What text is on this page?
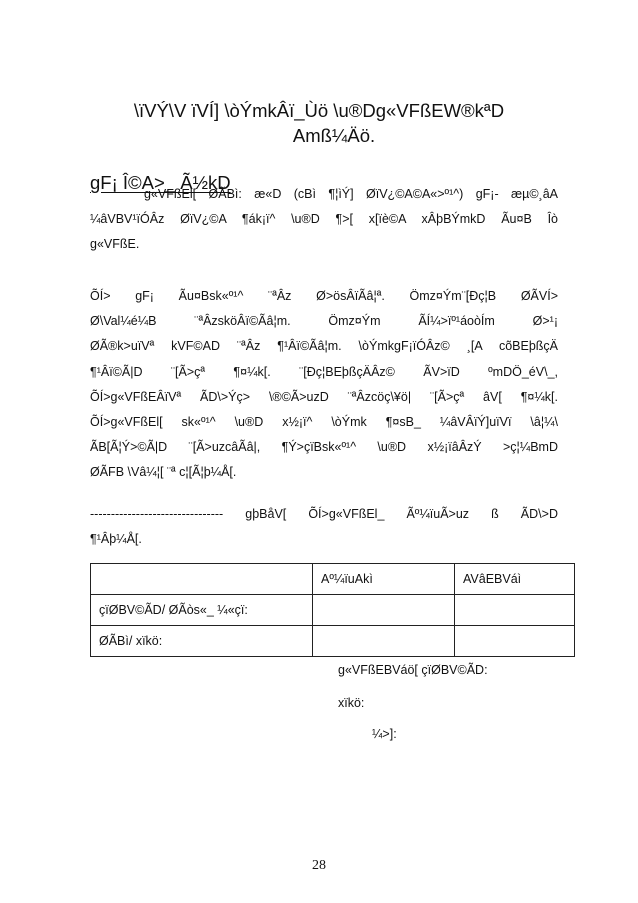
\ïVÝ\V ïVÍ] \òÝmkÂï_Ùö \u®Dg«VFßEW®kªD

Amß¼Äö.
gF¡ Î©A>_ Ã½kD
g«VFßEl[ ØÃBì: æ«D (cBì ¶¦ìÝ] ØïV¿©A©A«>º¹^) gF¡- æµ©¸âA
¼âVBV¹ïÓÂz ØïV¿©A ¶ák¡ï^ \u®D ¶>[ x[ïè©A xÂþBÝmkD Ãu¤B Îò
g«VFßE.
ÕÍ> gF¡ Ãu¤Bsk«º¹^ ¨ªÂz Ø>ösÂïÃâ¦ª. Ömz¤Ým¨[Ðç¦B ØÃVÍ>
Ø\Val¼é¼B ¨ªÂzsköÂï©Ãâ¦m. Ömz¤Ým ÃÍ¼>ïº¹áoòÍm Ø>¹¡
ØÃ®k>uïVª kVF©AD ¨ªÂz ¶¹Âï©Ãâ¦m. \òÝmkgF¡ïÓÂz© ¸[A cõBEþßçÄ
¶¹Âï©Ã|D ¨[Ã>çª ¶¤¼k[. ¨[Ðç¦BEþßçÄÂz© ÃV>ïD ºmDÖ_éV\_,
ÕÍ>g«VFßEÂïVª ÃD\>Ýç> \®©Ã>uzD ¨ªÂzcöç\¥ö| ¨[Ã>çª âV[ ¶¤¼k[.
ÕÍ>g«VFßEl[ sk«º¹^ \u®D x½¡ï^ \òÝmk ¶¤sB_ ¼âVÂïÝ]uïVï \â¦¼\
ÃB[Ã¦Ý>©Ã|D ¨[Ã>uzcâÃâ|, ¶Ý>çïBsk«º¹^ \u®D x½¡ïâÂzÝ >ç¦¼BmD
ØÃFB \Vâ¼¦[ ¨ª c¦[Ã¦þ¼Å[.
-------------------------------- gþBåV[ ÕÍ>g«VFßEl_ Ãº¼ïuÃ>uz ß ÃD\>D
¶¹Âþ¼Å[.
	Aº¼ïuAkì	AVâEBVáì
çïØBV©ÃD/ ØÃòs«_ ¼«çï:		
ØÃBì/ xïkö:		
g«VFßEBVáö[ çïØBV©ÃD:
xïkö:
¼>]:
28
